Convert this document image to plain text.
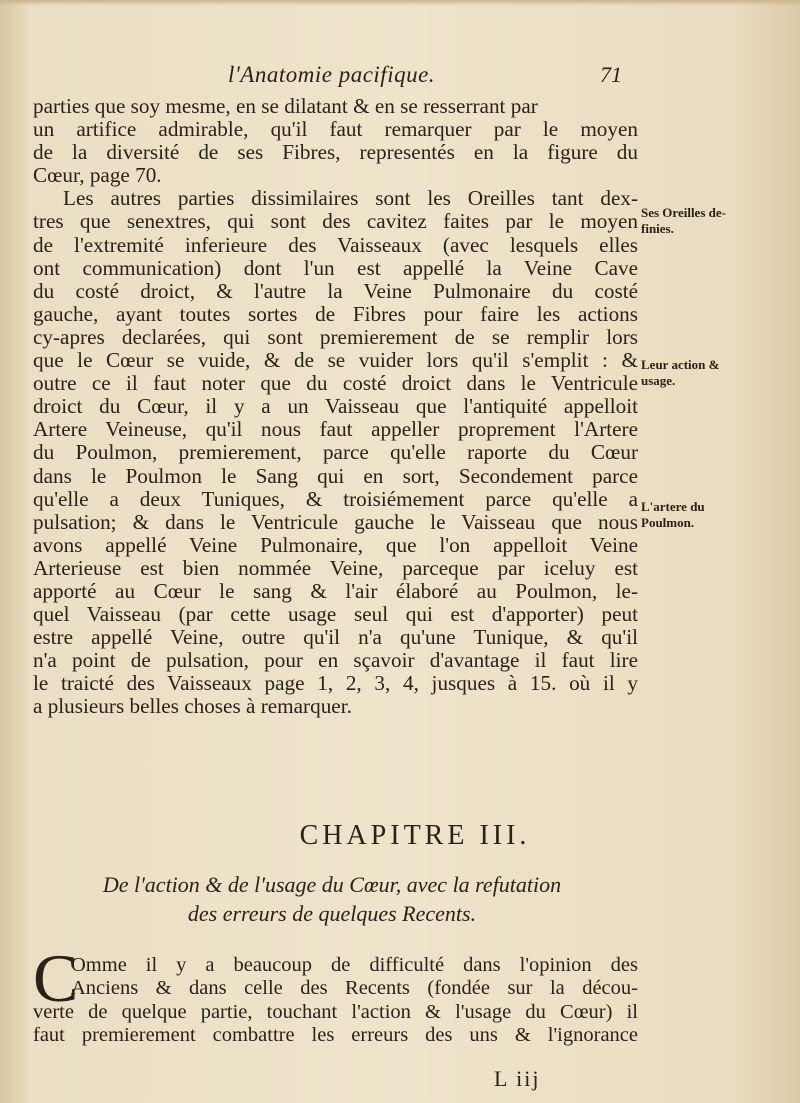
l'Anatomie pacifique.	71
parties que soy mesme, en se dilatant & en se resserrant par
un artifice admirable, qu'il faut remarquer par le moyen
de la diversité de ses Fibres, representés en la figure du
Cœur, page 70.
Les autres parties dissimilaires sont les Oreilles tant dex-
tres que senextres, qui sont des cavitez faites par le moyen
de l'extremité inferieure des Vaisseaux (avec lesquels elles
ont communication) dont l'un est appellé la Veine Cave
du costé droict, & l'autre la Veine Pulmonaire du costé
gauche, ayant toutes sortes de Fibres pour faire les actions
cy-apres declarées, qui sont premierement de se remplir lors
que le Cœur se vuide, & de se vuider lors qu'il s'emplit : &
outre ce il faut noter que du costé droict dans le Ventricule
droict du Cœur, il y a un Vaisseau que l'antiquité appelloit
Artere Veineuse, qu'il nous faut appeller proprement l'Artere
du Poulmon, premierement, parce qu'elle raporte du Cœur
dans le Poulmon le Sang qui en sort, Secondement parce
qu'elle a deux Tuniques, & troisiémement parce qu'elle a
pulsation; & dans le Ventricule gauche le Vaisseau que nous
avons appellé Veine Pulmonaire, que l'on appelloit Veine
Arterieuse est bien nommée Veine, parceque par iceluy est
apporté au Cœur le sang & l'air élaboré au Poulmon, le-
quel Vaisseau (par cette usage seul qui est d'apporter) peut
estre appellé Veine, outre qu'il n'a qu'une Tunique, & qu'il
n'a point de pulsation, pour en sçavoir d'avantage il faut lire
le traicté des Vaisseaux page 1, 2, 3, 4, jusques à 15. où il y
a plusieurs belles choses à remarquer.
Ses Oreilles de-
finies.
Leur action &
usage.
L'artere du
Poulmon.
CHAPITRE III.
De l'action & de l'usage du Cœur, avec la refutation
des erreurs de quelques Recents.
C
Omme il y a beaucoup de difficulté dans l'opinion des
Anciens & dans celle des Recents (fondée sur la décou-
verte de quelque partie, touchant l'action & l'usage du Cœur) il
faut premierement combattre les erreurs des uns & l'ignorance
L iij
